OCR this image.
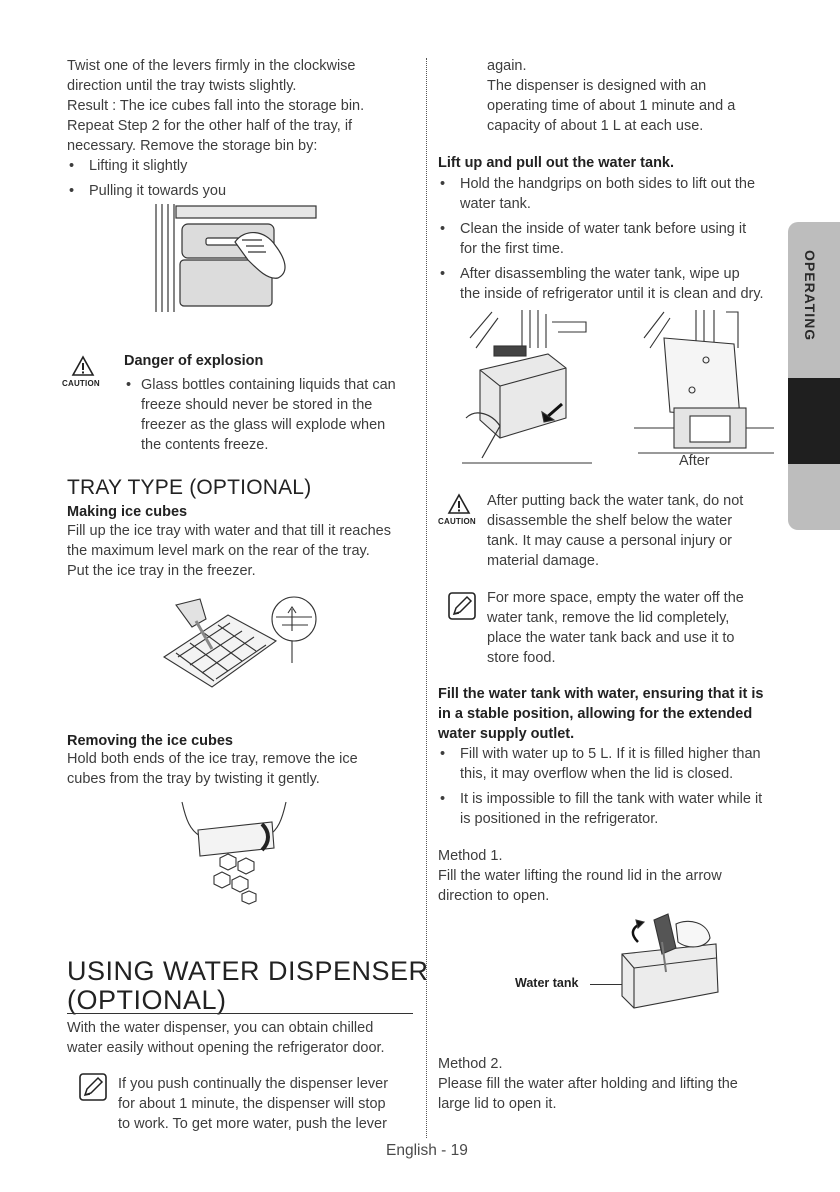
OPERATING
Twist one of the levers firmly in the clockwise
direction until the tray twists slightly.
Result : The ice cubes fall into the storage bin.
Repeat Step 2 for the other half of the tray, if
necessary. Remove the storage bin by:
• Lifting it slightly
• Pulling it towards you
CAUTION
Danger of explosion
• Glass bottles containing liquids that can
freeze should never be stored in the
freezer as the glass will explode when
the contents freeze.
TRAY TYPE (OPTIONAL)
Making ice cubes
Fill up the ice tray with water and that till it reaches
the maximum level mark on the rear of the tray.
Put the ice tray in the freezer.
Removing the ice cubes
Hold both ends of the ice tray, remove the ice
cubes from the tray by twisting it gently.
USING WATER DISPENSER
(OPTIONAL)
With the water dispenser, you can obtain chilled
water easily without opening the refrigerator door.
If you push continually the dispenser lever
for about 1 minute, the dispenser will stop
to work. To get more water, push the lever
again.
The dispenser is designed with an
operating time of about 1 minute and a
capacity of about 1 L at each use.
Lift up and pull out the water tank.
• Hold the handgrips on both sides to lift out the
water tank.
• Clean the inside of water tank before using it
for the first time.
• After disassembling the water tank, wipe up
the inside of refrigerator until it is clean and dry.
After
CAUTION
After putting back the water tank, do not
disassemble the shelf below the water
tank. It may cause a personal injury or
material damage.
For more space, empty the water off the
water tank, remove the lid completely,
place the water tank back and use it to
store food.
Fill the water tank with water, ensuring that it is
in a stable position, allowing for the extended
water supply outlet.
• Fill with water up to 5 L. If it is filled higher than
this, it may overflow when the lid is closed.
• It is impossible to fill the tank with water while it
is positioned in the refrigerator.
Method 1.
Fill the water lifting the round lid in the arrow
direction to open.
Water tank
Method 2.
Please fill the water after holding and lifting the
large lid to open it.
English - 19
